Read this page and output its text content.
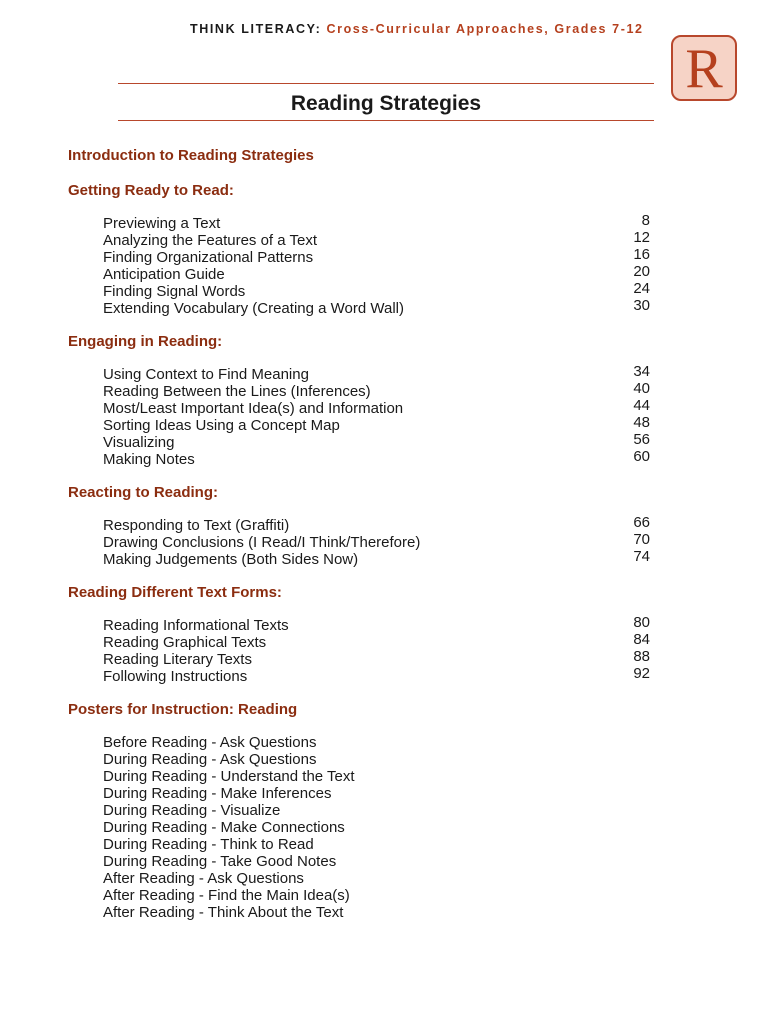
THINK LITERACY: Cross-Curricular Approaches, Grades 7-12
R
Reading Strategies
Introduction to Reading Strategies
Getting Ready to Read:
Previewing a Text	8
Analyzing the Features of a Text	12
Finding Organizational Patterns	16
Anticipation Guide	20
Finding Signal Words	24
Extending Vocabulary (Creating a Word Wall)	30
Engaging in Reading:
Using Context to Find Meaning	34
Reading Between the Lines (Inferences)	40
Most/Least Important Idea(s) and Information	44
Sorting Ideas Using a Concept Map	48
Visualizing	56
Making Notes	60
Reacting to Reading:
Responding to Text (Graffiti)	66
Drawing Conclusions (I Read/I Think/Therefore)	70
Making Judgements (Both Sides Now)	74
Reading Different Text Forms:
Reading Informational Texts	80
Reading Graphical Texts	84
Reading Literary Texts	88
Following Instructions	92
Posters for Instruction: Reading
Before Reading - Ask Questions
During Reading - Ask Questions
During Reading - Understand the Text
During Reading - Make Inferences
During Reading - Visualize
During Reading - Make Connections
During Reading - Think to Read
During Reading - Take Good Notes
After Reading - Ask Questions
After Reading - Find the Main Idea(s)
After Reading - Think About the Text
